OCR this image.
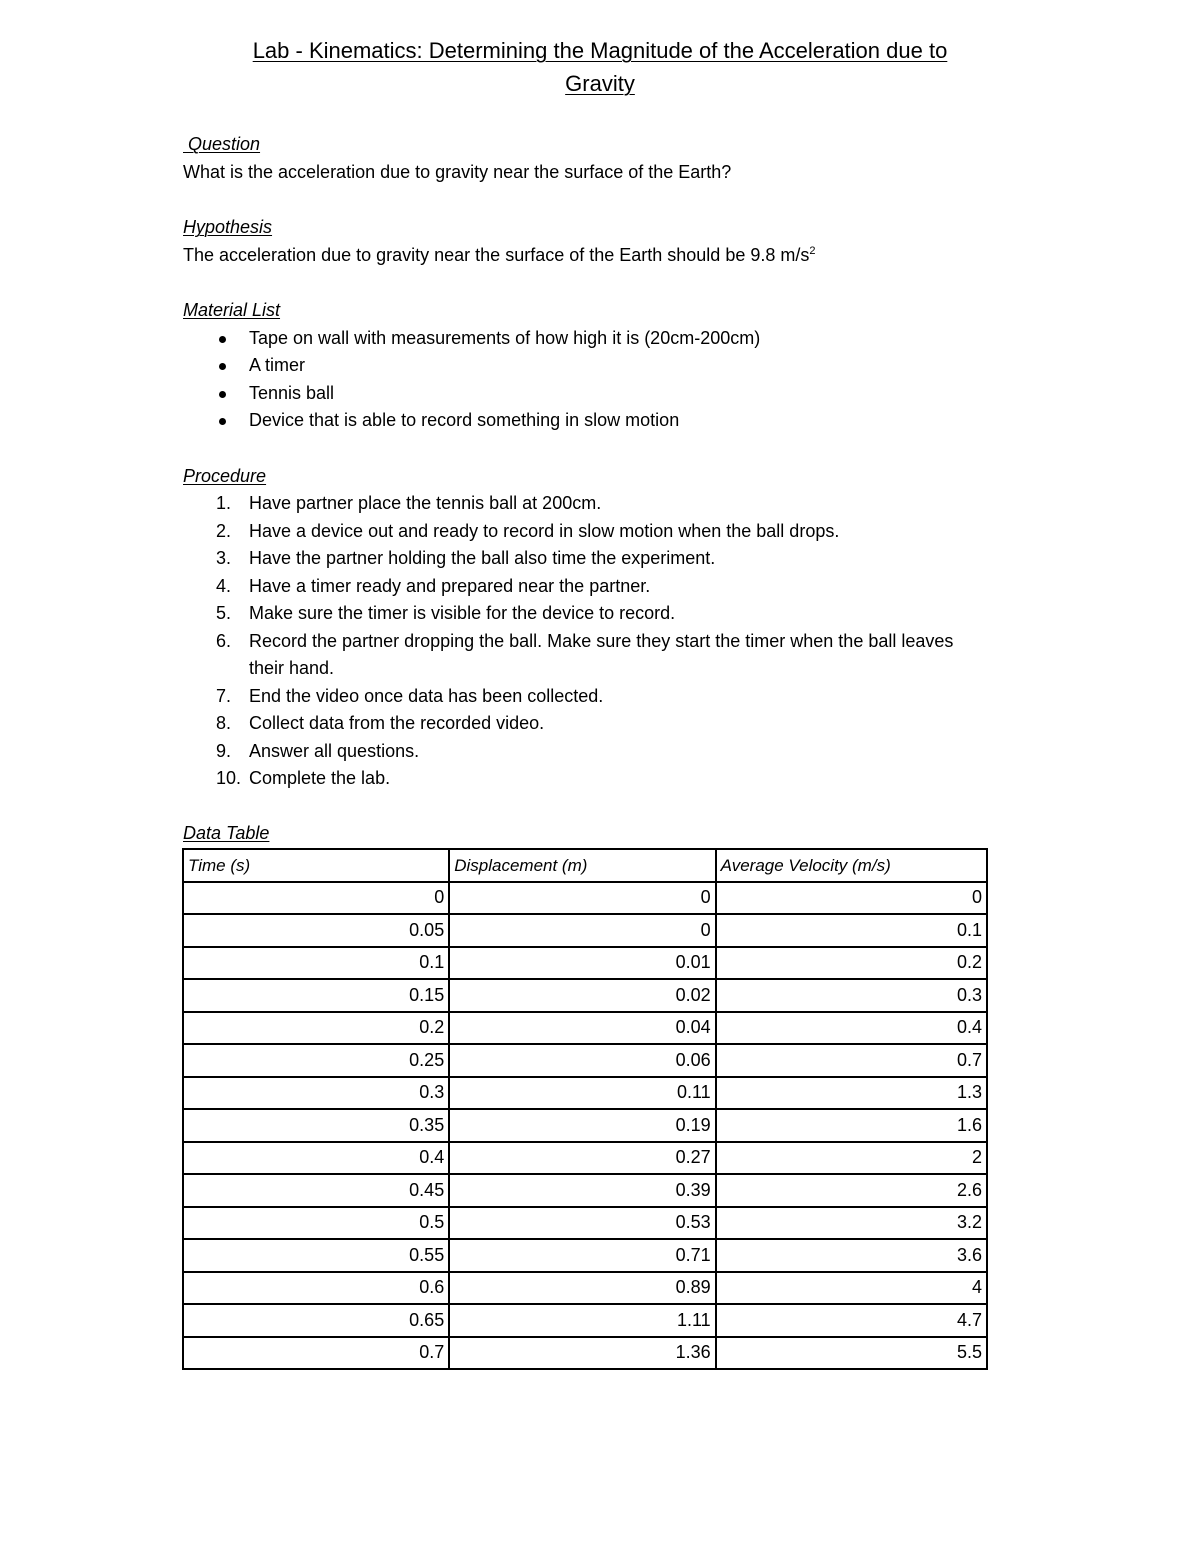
Lab - Kinematics: Determining the Magnitude of the Acceleration due to
Gravity

Question

What is the acceleration due to gravity near the surface of the Earth?

Hypothesis

The acceleration due to gravity near the surface of the Earth should be 9.8 $m/s^2$

Material List

Tape on wall with measurements of how high it is (20cm-200cm)
A timer
Tennis ball
Device that is able to record something in slow motion

Procedure

1. Have partner place the tennis ball at 200cm.
2. Have a device out and ready to record in slow motion when the ball drops.
3. Have the partner holding the ball also time the experiment.
4. Have a timer ready and prepared near the partner.
5. Make sure the timer is visible for the device to record.
6. Record the partner dropping the ball. Make sure they start the timer when the ball leaves their hand.
7. End the video once data has been collected.
8. Collect data from the recorded video.
9. Answer all questions.
10. Complete the lab.

Data Table

Time (s)	Displacement (m)	Average Velocity (m/s)
0	0	0
0.05	0	0.1
0.1	0.01	0.2
0.15	0.02	0.3
0.2	0.04	0.4
0.25	0.06	0.7
0.3	0.11	1.3
0.35	0.19	1.6
0.4	0.27	2
0.45	0.39	2.6
0.5	0.53	3.2
0.55	0.71	3.6
0.6	0.89	4
0.65	1.11	4.7
0.7	1.36	5.5
